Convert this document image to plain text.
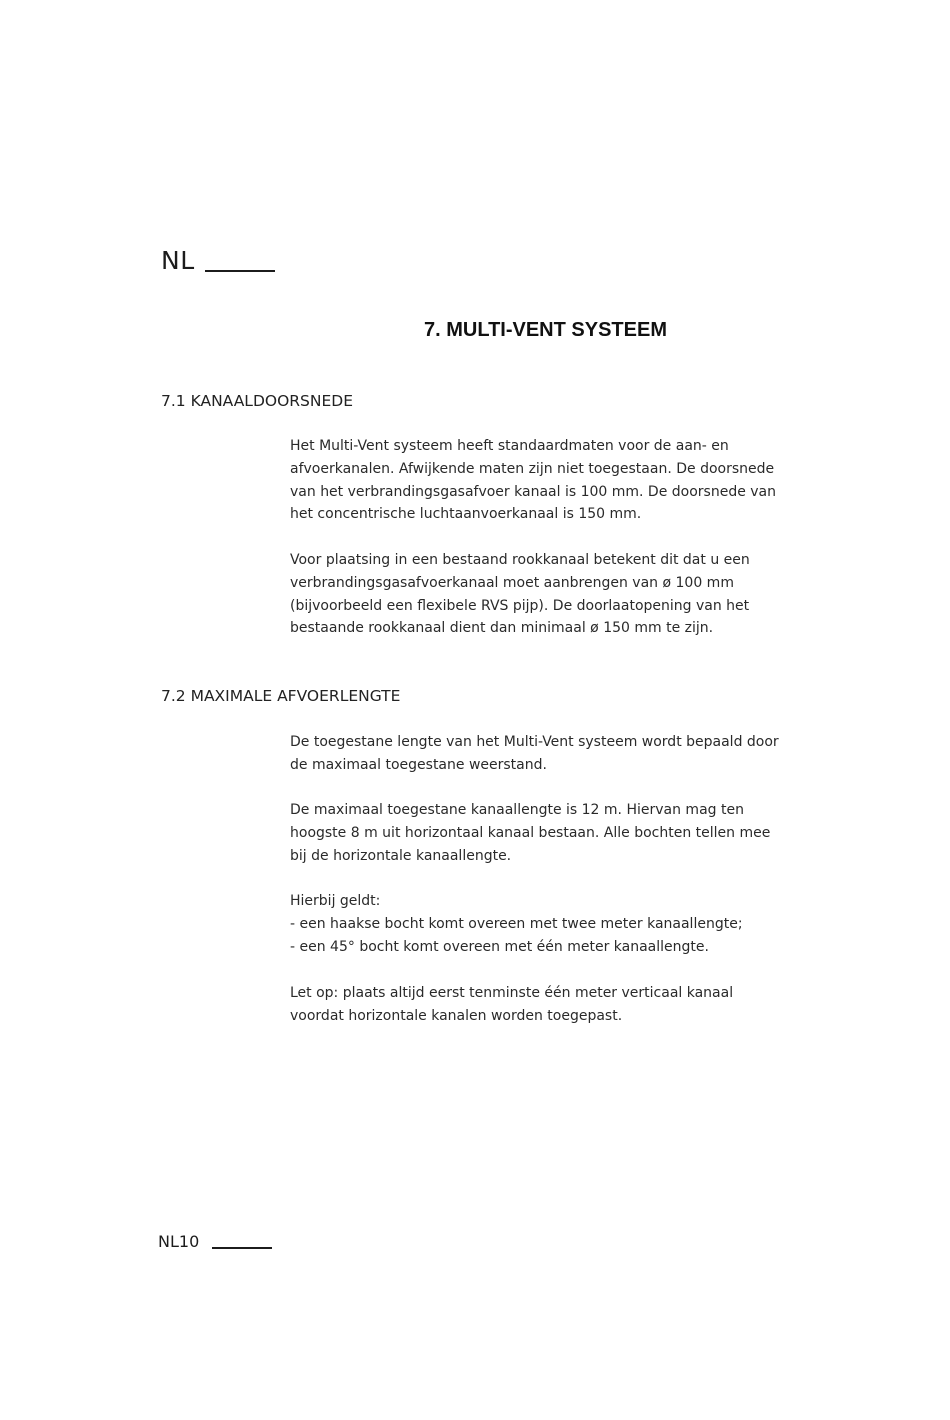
NL
7. MULTI-VENT SYSTEEM
7.1 KANAALDOORSNEDE

Het Multi-Vent systeem heeft standaardmaten voor de aan- en
afvoerkanalen. Afwijkende maten zijn niet toegestaan. De doorsnede
van het verbrandingsgasafvoer kanaal is 100 mm. De doorsnede van
het concentrische luchtaanvoerkanaal is 150 mm.

Voor plaatsing in een bestaand rookkanaal betekent dit dat u een
verbrandingsgasafvoerkanaal moet aanbrengen van ø 100 mm
(bijvoorbeeld een flexibele RVS pijp). De doorlaatopening van het
bestaande rookkanaal dient dan minimaal ø 150 mm te zijn.

7.2 MAXIMALE AFVOERLENGTE

De toegestane lengte van het Multi-Vent systeem wordt bepaald door
de maximaal toegestane weerstand.

De maximaal toegestane kanaallengte is 12 m. Hiervan mag ten
hoogste 8 m uit horizontaal kanaal bestaan. Alle bochten tellen mee
bij de horizontale kanaallengte.

Hierbij geldt:
- een haakse bocht komt overeen met twee meter kanaallengte;
- een 45° bocht komt overeen met één meter kanaallengte.

Let op: plaats altijd eerst tenminste één meter verticaal kanaal
voordat horizontale kanalen worden toegepast.

NL10
